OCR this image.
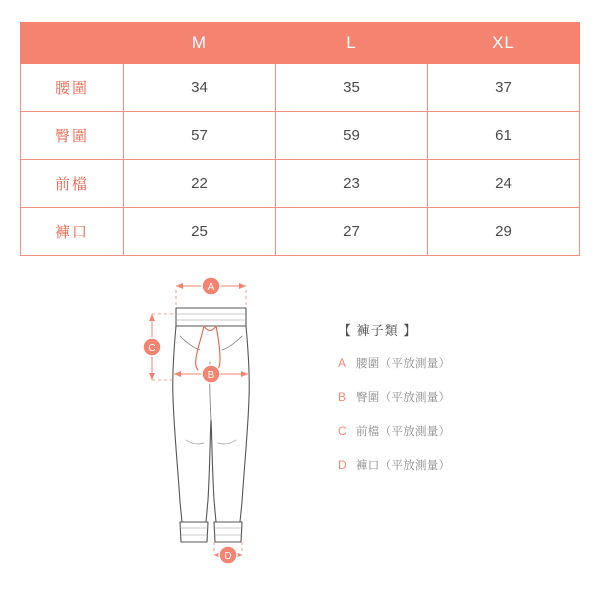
	M	L	XL
腰圍	34	35	37
臀圍	57	59	61
前檔	22	23	24
褲口	25	27	29
A
B
C
D
【 褲子類 】
A 腰圍（平放測量）
B 臀圍（平放測量）
C 前檔（平放測量）
D 褲口（平放測量）
